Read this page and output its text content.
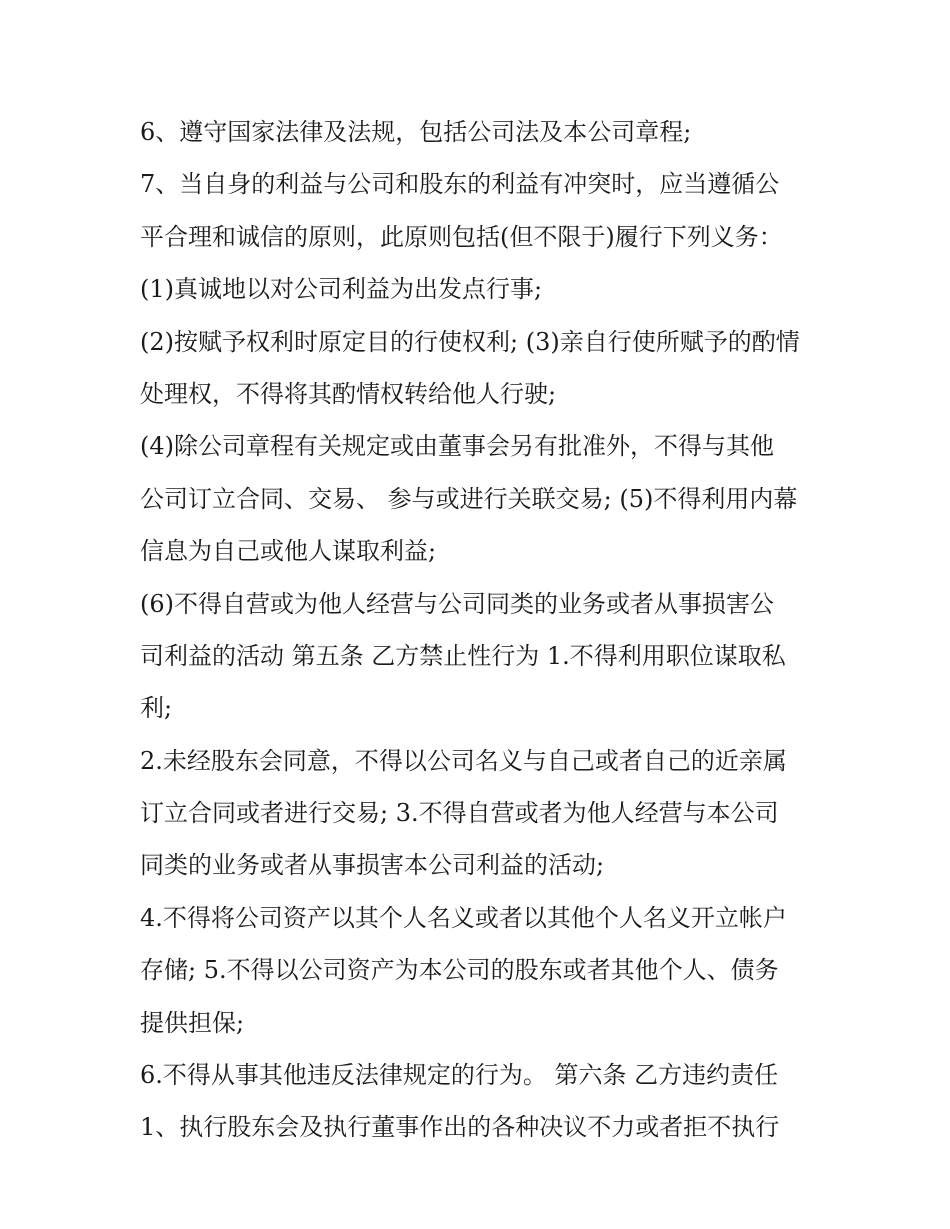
6、遵守国家法律及法规，包括公司法及本公司章程;
7、当自身的利益与公司和股东的利益有冲突时，应当遵循公
平合理和诚信的原则，此原则包括(但不限于)履行下列义务：
(1)真诚地以对公司利益为出发点行事;
(2)按赋予权利时原定目的行使权利; (3)亲自行使所赋予的酌情
处理权，不得将其酌情权转给他人行驶;
(4)除公司章程有关规定或由董事会另有批准外，不得与其他
公司订立合同、交易、 参与或进行关联交易; (5)不得利用内幕
信息为自己或他人谋取利益;
(6)不得自营或为他人经营与公司同类的业务或者从事损害公
司利益的活动 第五条 乙方禁止性行为 1.不得利用职位谋取私
利;
2.未经股东会同意，不得以公司名义与自己或者自己的近亲属
订立合同或者进行交易; 3.不得自营或者为他人经营与本公司
同类的业务或者从事损害本公司利益的活动;
4.不得将公司资产以其个人名义或者以其他个人名义开立帐户
存储; 5.不得以公司资产为本公司的股东或者其他个人、债务
提供担保;
6.不得从事其他违反法律规定的行为。 第六条 乙方违约责任
1、执行股东会及执行董事作出的各种决议不力或者拒不执行
